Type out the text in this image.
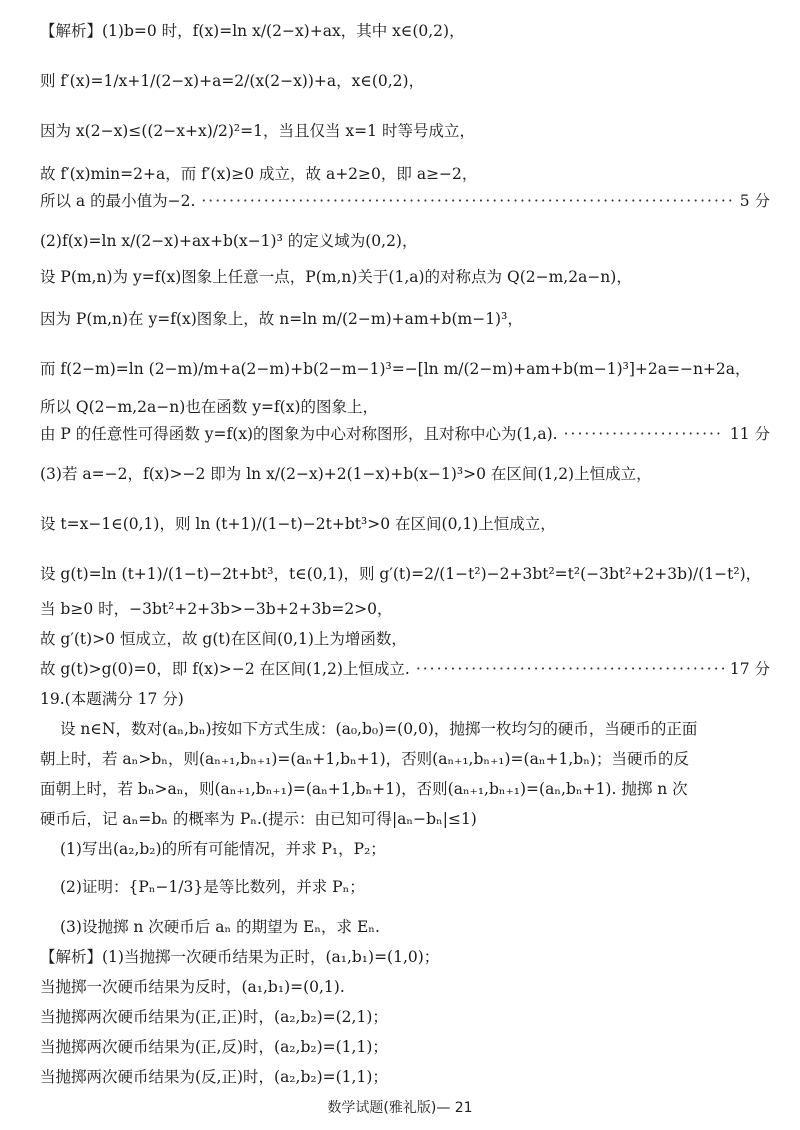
【解析】(1)b=0 时，f(x)=ln x/(2−x)+ax，其中 x∈(0,2)，
则 f′(x)=1/x+1/(2−x)+a=2/(x(2−x))+a，x∈(0,2)，
因为 x(2−x)≤((2−x+x)/2)²=1，当且仅当 x=1 时等号成立，
故 f′(x)min=2+a，而 f′(x)≥0 成立，故 a+2≥0，即 a≥−2，
所以 a 的最小值为−2. ·····	5 分
(2)f(x)=ln x/(2−x)+ax+b(x−1)³ 的定义域为(0,2)，
设 P(m,n)为 y=f(x)图象上任意一点，P(m,n)关于(1,a)的对称点为 Q(2−m,2a−n)，
因为 P(m,n)在 y=f(x)图象上，故 n=ln m/(2−m)+am+b(m−1)³，
而 f(2−m)=ln (2−m)/m+a(2−m)+b(2−m−1)³=−[ln m/(2−m)+am+b(m−1)³]+2a=−n+2a，
所以 Q(2−m,2a−n)也在函数 y=f(x)的图象上，
由 P 的任意性可得函数 y=f(x)的图象为中心对称图形，且对称中心为(1,a). ·····	11 分
(3)若 a=−2，f(x)>−2 即为 ln x/(2−x)+2(1−x)+b(x−1)³>0 在区间(1,2)上恒成立，
设 t=x−1∈(0,1)，则 ln (t+1)/(1−t)−2t+bt³>0 在区间(0,1)上恒成立，
设 g(t)=ln (t+1)/(1−t)−2t+bt³，t∈(0,1)，则 g′(t)=2/(1−t²)−2+3bt²=t²(−3bt²+2+3b)/(1−t²)，
当 b≥0 时，−3bt²+2+3b>−3b+2+3b=2>0，
故 g′(t)>0 恒成立，故 g(t)在区间(0,1)上为增函数，
故 g(t)>g(0)=0，即 f(x)>−2 在区间(1,2)上恒成立. ·····	17 分
19.(本题满分 17 分)
设 n∈N，数对(aₙ,bₙ)按如下方式生成：(a₀,b₀)=(0,0)，抛掷一枚均匀的硬币，当硬币的正面
朝上时，若 aₙ>bₙ，则(aₙ₊₁,bₙ₊₁)=(aₙ+1,bₙ+1)，否则(aₙ₊₁,bₙ₊₁)=(aₙ+1,bₙ)；当硬币的反
面朝上时，若 bₙ>aₙ，则(aₙ₊₁,bₙ₊₁)=(aₙ+1,bₙ+1)，否则(aₙ₊₁,bₙ₊₁)=(aₙ,bₙ+1). 抛掷 n 次
硬币后，记 aₙ=bₙ 的概率为 Pₙ.(提示：由已知可得|aₙ−bₙ|≤1)
(1)写出(a₂,b₂)的所有可能情况，并求 P₁，P₂；
(2)证明：{Pₙ−1/3}是等比数列，并求 Pₙ；
(3)设抛掷 n 次硬币后 aₙ 的期望为 Eₙ，求 Eₙ.
【解析】(1)当抛掷一次硬币结果为正时，(a₁,b₁)=(1,0)；
当抛掷一次硬币结果为反时，(a₁,b₁)=(0,1).
当抛掷两次硬币结果为(正,正)时，(a₂,b₂)=(2,1)；
当抛掷两次硬币结果为(正,反)时，(a₂,b₂)=(1,1)；
当抛掷两次硬币结果为(反,正)时，(a₂,b₂)=(1,1)；
数学试题(雅礼版)— 21
